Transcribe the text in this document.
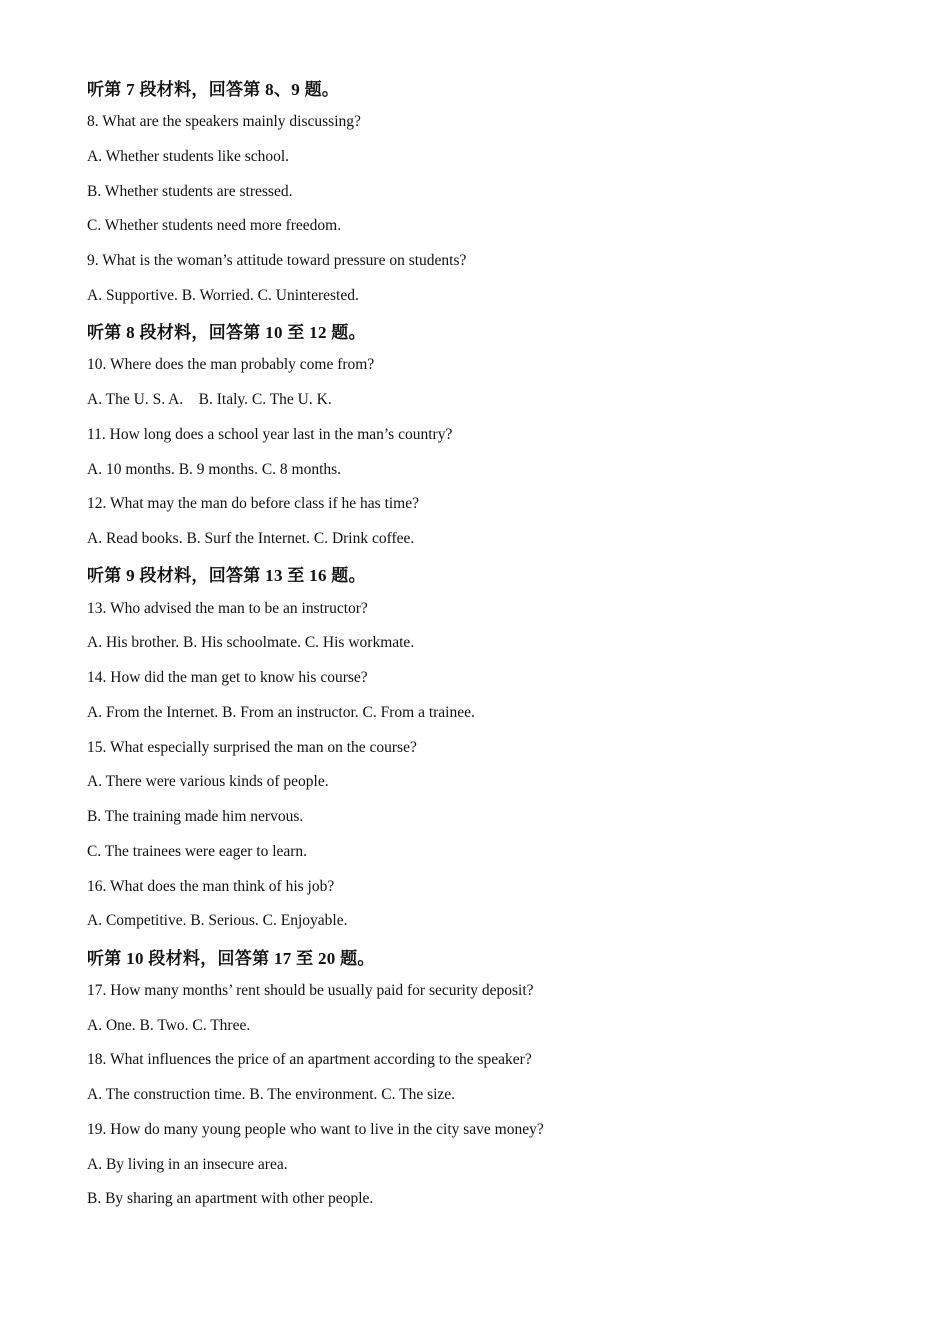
听第 7 段材料，回答第 8、9 题。
8. What are the speakers mainly discussing?
A. Whether students like school.
B. Whether students are stressed.
C. Whether students need more freedom.
9. What is the woman’s attitude toward pressure on students?
A. Supportive. B. Worried. C. Uninterested.
听第 8 段材料，回答第 10 至 12 题。
10. Where does the man probably come from?
A. The U. S. A.    B. Italy. C. The U. K.
11. How long does a school year last in the man’s country?
A. 10 months. B. 9 months. C. 8 months.
12. What may the man do before class if he has time?
A. Read books. B. Surf the Internet. C. Drink coffee.
听第 9 段材料，回答第 13 至 16 题。
13. Who advised the man to be an instructor?
A. His brother. B. His schoolmate. C. His workmate.
14. How did the man get to know his course?
A. From the Internet. B. From an instructor. C. From a trainee.
15. What especially surprised the man on the course?
A. There were various kinds of people.
B. The training made him nervous.
C. The trainees were eager to learn.
16. What does the man think of his job?
A. Competitive. B. Serious. C. Enjoyable.
听第 10 段材料，回答第 17 至 20 题。
17. How many months’ rent should be usually paid for security deposit?
A. One. B. Two. C. Three.
18. What influences the price of an apartment according to the speaker?
A. The construction time. B. The environment. C. The size.
19. How do many young people who want to live in the city save money?
A. By living in an insecure area.
B. By sharing an apartment with other people.
